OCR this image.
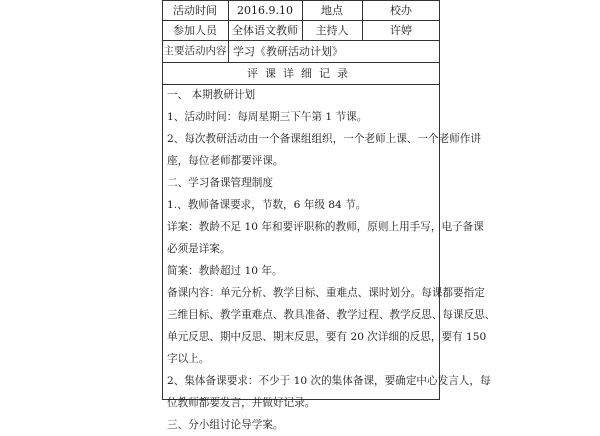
活动时间	2016.9.10	地点	校办
参加人员	全体语文教师	主持人	许婷
主要活动内容 学习《教研活动计划》
评课详细记录
一、 本期教研计划
1、活动时间：每周星期三下午第 1 节课。
2、每次教研活动由一个备课组组织，一个老师上课、一个老师作讲
座，每位老师都要评课。
二、学习备课管理制度
1.、教师备课要求，节数，6 年级 84 节。
详案：教龄不足 10 年和要评职称的教师，原则上用手写，电子备课
必须是详案。
简案：教龄超过 10 年。
备课内容：单元分析、教学目标、重难点、课时划分。每课都要指定
三维目标、教学重难点、教具准备、教学过程、教学反思、每课反思、
单元反思、期中反思、期末反思，要有 20 次详细的反思，要有 150
字以上。
2、集体备课要求：不少于 10 次的集体备课，要确定中心发言人，每
位教师都要发言，并做好记录。
三、分小组讨论导学案。
